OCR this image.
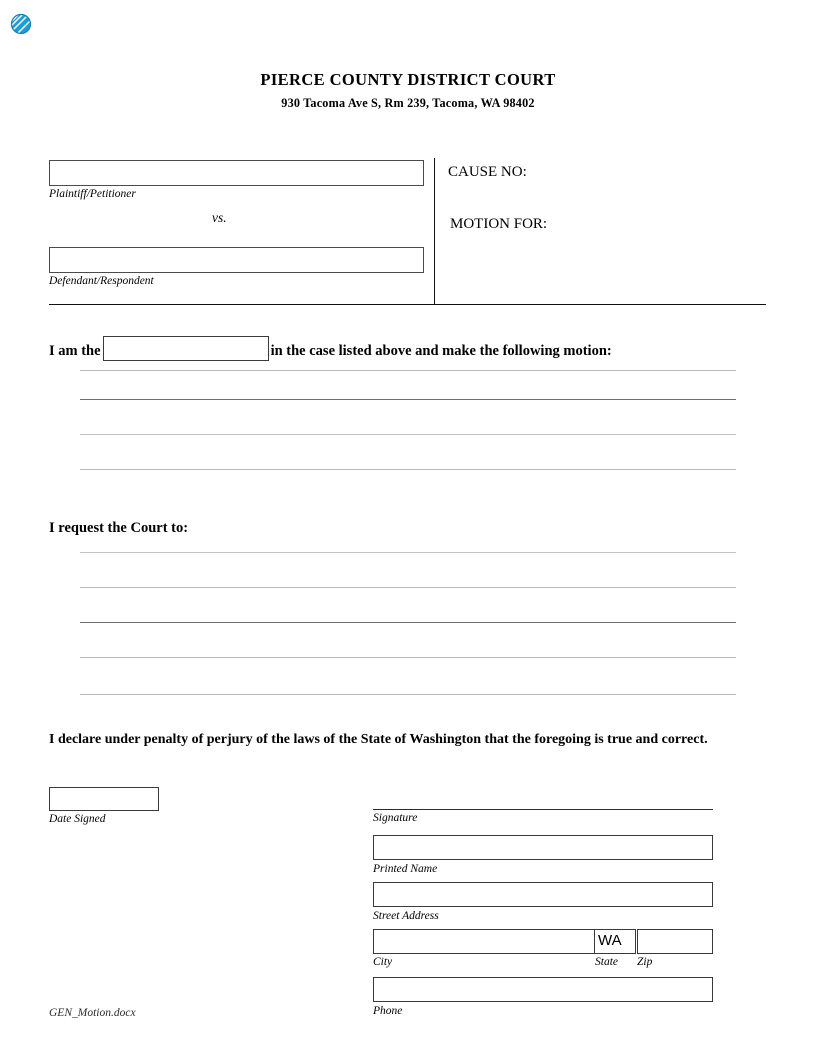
PIERCE COUNTY DISTRICT COURT

930 Tacoma Ave S, Rm 239, Tacoma, WA 98402

Plaintiff/Petitioner
vs.
Defendant/Respondent
CAUSE NO:
MOTION FOR:
I am the	in the case listed above and make the following motion:
I request the Court to:
I declare under penalty of perjury of the laws of the State of Washington that the foregoing is true and correct.
Date Signed	Signature
Printed Name
Street Address
WA
City	State Zip
Phone
GEN_Motion.docx
